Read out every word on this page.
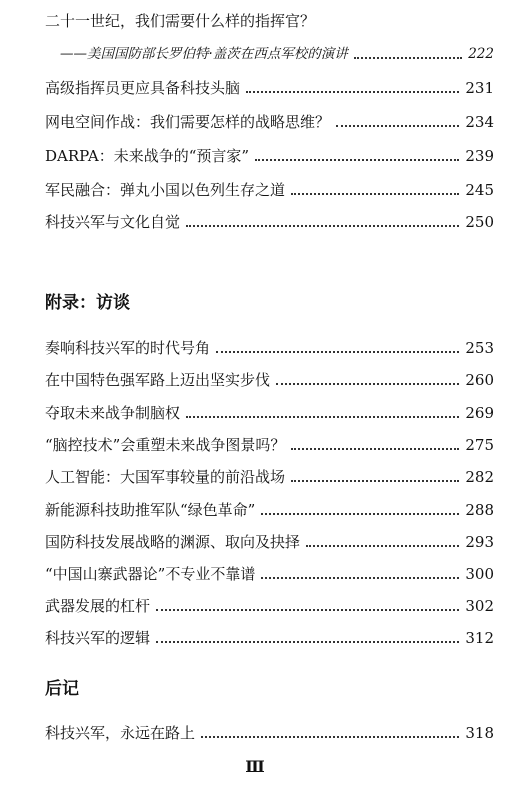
二十一世纪，我们需要什么样的指挥官？
——美国国防部长罗伯特·盖茨在西点军校的演讲	222
高级指挥员更应具备科技头脑	231
网电空间作战：我们需要怎样的战略思维？	234
DARPA：未来战争的“预言家”	239
军民融合：弹丸小国以色列生存之道	245
科技兴军与文化自觉	250
附录：访谈
奏响科技兴军的时代号角	253
在中国特色强军路上迈出坚实步伐	260
夺取未来战争制脑权	269
“脑控技术”会重塑未来战争图景吗？	275
人工智能：大国军事较量的前沿战场	282
新能源科技助推军队“绿色革命”	288
国防科技发展战略的渊源、取向及抉择	293
“中国山寨武器论”不专业不靠谱	300
武器发展的杠杆	302
科技兴军的逻辑	312
后记
科技兴军，永远在路上	318
Ⅲ
